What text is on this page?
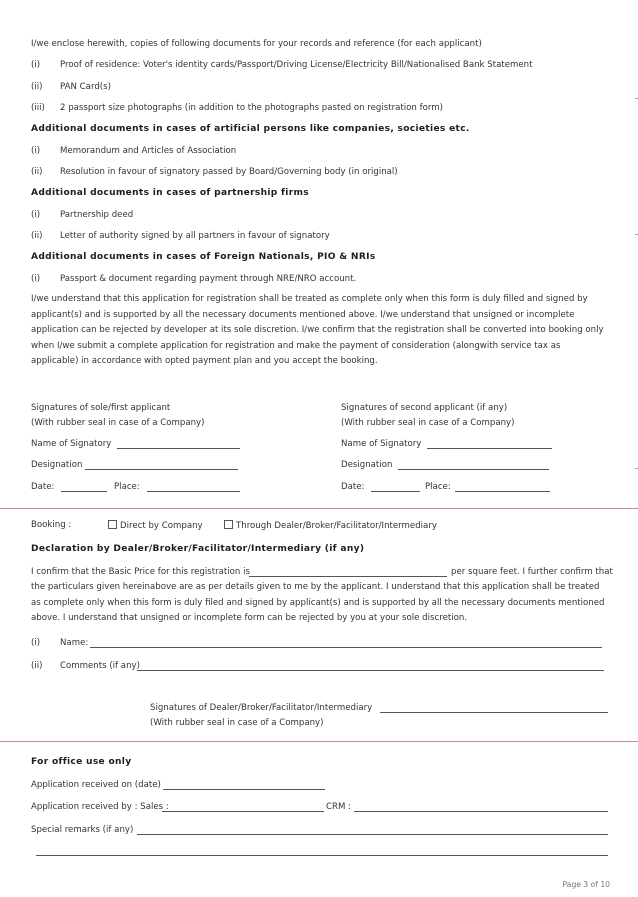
I/we enclose herewith, copies of following documents for your records and reference (for each applicant)
(i) Proof of residence: Voter's identity cards/Passport/Driving License/Electricity Bill/Nationalised Bank Statement
(ii) PAN Card(s)
(iii) 2 passport size photographs (in addition to the photographs pasted on registration form)
Additional documents in cases of artificial persons like companies, societies etc.
(i) Memorandum and Articles of Association
(ii) Resolution in favour of signatory passed by Board/Governing body (in original)
Additional documents in cases of partnership firms
(i) Partnership deed
(ii) Letter of authority signed by all partners in favour of signatory
Additional documents in cases of Foreign Nationals, PIO & NRIs
(i) Passport & document regarding payment through NRE/NRO account.
I/we understand that this application for registration shall be treated as complete only when this form is duly filled and signed by applicant(s) and is supported by all the necessary documents mentioned above. I/we understand that unsigned or incomplete application can be rejected by developer at its sole discretion. I/we confirm that the registration shall be converted into booking only when I/we submit a complete application for registration and make the payment of consideration (alongwith service tax as applicable) in accordance with opted payment plan and you accept the booking.
Signatures of sole/first applicant
(With rubber seal in case of a Company)
Name of Signatory
Designation
Date:	Place:
Signatures of second applicant (if any)
(With rubber seal in case of a Company)
Name of Signatory
Designation
Date:	Place:
Booking :	Direct by Company	Through Dealer/Broker/Facilitator/Intermediary
Declaration by Dealer/Broker/Facilitator/Intermediary (if any)
I confirm that the Basic Price for this registration is	per square feet. I further confirm that
the particulars given hereinabove are as per details given to me by the applicant. I understand that this application shall be treated as complete only when this form is duly filed and signed by applicant(s) and is supported by all the necessary documents mentioned above. I understand that unsigned or incomplete form can be rejected by you at your sole discretion.
(i) Name:
(ii) Comments (if any)
Signatures of Dealer/Broker/Facilitator/Intermediary
(With rubber seal in case of a Company)
For office use only
Application received on (date)
Application received by : Sales :	CRM :
Special remarks (if any)
Page 3 of 10
